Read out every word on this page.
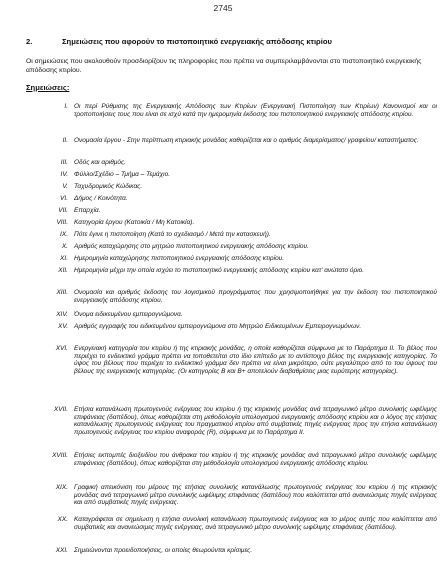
2745
2.	Σημειώσεις που αφορούν το πιστοποιητικό ενεργειακής απόδοσης κτιρίου
Οι σημειώσεις που ακολουθούν προσδιορίζουν τις πληροφορίες που πρέπει να συμπεριλαμβάνονται στο πιστοποιητικό ενεργειακής απόδοσης κτιρίου.
Σημειώσεις:
I. Οι περί Ρύθμισης της Ενεργειακής Απόδοσης των Κτιρίων (Ενεργειακή Πιστοποίηση των Κτιρίων) Κανονισμοί και οι τροποποιήσεις τους που είναι σε ισχύ κατά την ημερομηνία έκδοσης του πιστοποιητικού ενεργειακής απόδοσης κτιρίου.
II. Ονομασία έργου - Στην περίπτωση κτιριακής μονάδας καθορίζεται και ο αριθμός διαμερίσματος/ γραφείου/ καταστήματος.
III. Οδός και αριθμός.
IV. Φύλλο/Σχέδιο – Τμήμα – Τεμάχιο.
V. Ταχυδρομικός Κώδικας.
VI. Δήμος / Κοινότητα.
VII. Επαρχία.
VIII. Κατηγορία έργου (Κατοικία / Μη Κατοικία).
IX. Πότε έγινε η πιστοποίηση (Κατά το σχεδιασμό / Μετά την κατασκευή).
X. Αριθμός καταχώρησης στο μητρώο πιστοποιητικού ενεργειακής απόδοσης κτιρίου.
XI. Ημερομηνία καταχώρησης πιστοποιητικού ενεργειακής απόδοσης κτιρίου.
XII. Ημερομηνία μέχρι την οποία ισχύει το πιστοποιητικό ενεργειακής απόδοσης κτιρίου κατ’ ανώτατο όριο.
XIII. Ονομασία και αριθμός έκδοσης του λογισμικού προγράμματος που χρησιμοποιήθηκε για την έκδοση του πιστοποιητικού ενεργειακής απόδοσης κτιρίου.
XIV. Όνομα ειδικευμένου εμπειρογνώμονα.
XV. Αριθμός εγγραφής του ειδικευμένου εμπειρογνώμονα στο Μητρώο Ειδικευμένων Εμπειρογνωμόνων.
XVI. Ενεργειακή κατηγορία του κτιρίου ή της κτιριακής μονάδας, η οποία καθορίζεται σύμφωνα με το Παράρτημα ΙΙ. Το βέλος που περιέχει το ενδεικτικό γράμμα πρέπει να τοποθετείται στο ίδιο επίπεδο με το αντίστοιχο βέλος της ενεργειακής κατηγορίας. Το ύψος του βέλους που περιέχει το ενδεικτικό γράμμα δεν πρέπει να είναι μικρότερο, ούτε μεγαλύτερο από το του ύψους του βέλους της ενεργειακής κατηγορίας. (Οι κατηγορίες Β και Β+ αποτελούν διαβαθμίσεις μιας ευρύτερης κατηγορίας).
XVII. Ετήσια κατανάλωση πρωτογενούς ενέργειας του κτιρίου ή της κτιριακής μονάδας ανά τετραγωνικό μέτρο συνολικής ωφέλιμης επιφάνειας (δαπέδου), όπως καθορίζεται στη μεθοδολογία υπολογισμού ενεργειακής απόδοσης κτιρίου και ο λόγος της ετήσιας κατανάλωσης πρωτογενούς ενέργειας του πραγματικού κτιρίου από συμβατικές πηγές ενέργειας προς την ετήσια κατανάλωση πρωτογενούς ενέργειας του κτιρίου αναφοράς (R), σύμφωνα με το Παράρτημα ΙΙ.
XVIII. Ετήσιες εκπομπές διοξειδίου του άνθρακα του κτιρίου ή της κτιριακής μονάδας ανά τετραγωνικό μέτρο συνολικής ωφέλιμης επιφάνειας (δαπέδου), όπως καθορίζεται στη μεθοδολογία υπολογισμού ενεργειακής απόδοσης κτιρίου.
XIX. Γραφική απεικόνιση του μέρους της ετήσιας συνολικής κατανάλωσης πρωτογενούς ενέργειας του κτιρίου ή της κτιριακής μονάδας ανά τετραγωνικό μέτρο συνολικής ωφέλιμης επιφάνειας (δαπέδου) που καλύπτεται από ανανεώσιμες πηγές ενέργειας και από συμβατικές πηγές ενέργειας.
XX. Καταγράφεται σε σημείωση η ετήσια συνολική κατανάλωση πρωτογενούς ενέργειας και το μέρος αυτής που καλύπτεται από συμβατικές και ανανεώσιμες πηγές ενέργειας, ανά τετραγωνικό μέτρο συνολικής ωφέλιμης επιφάνειας (δαπέδου).
XXI. Σημειώνονται προειδοποιήσεις, οι οποίες θεωρούνται κρίσιμες.
